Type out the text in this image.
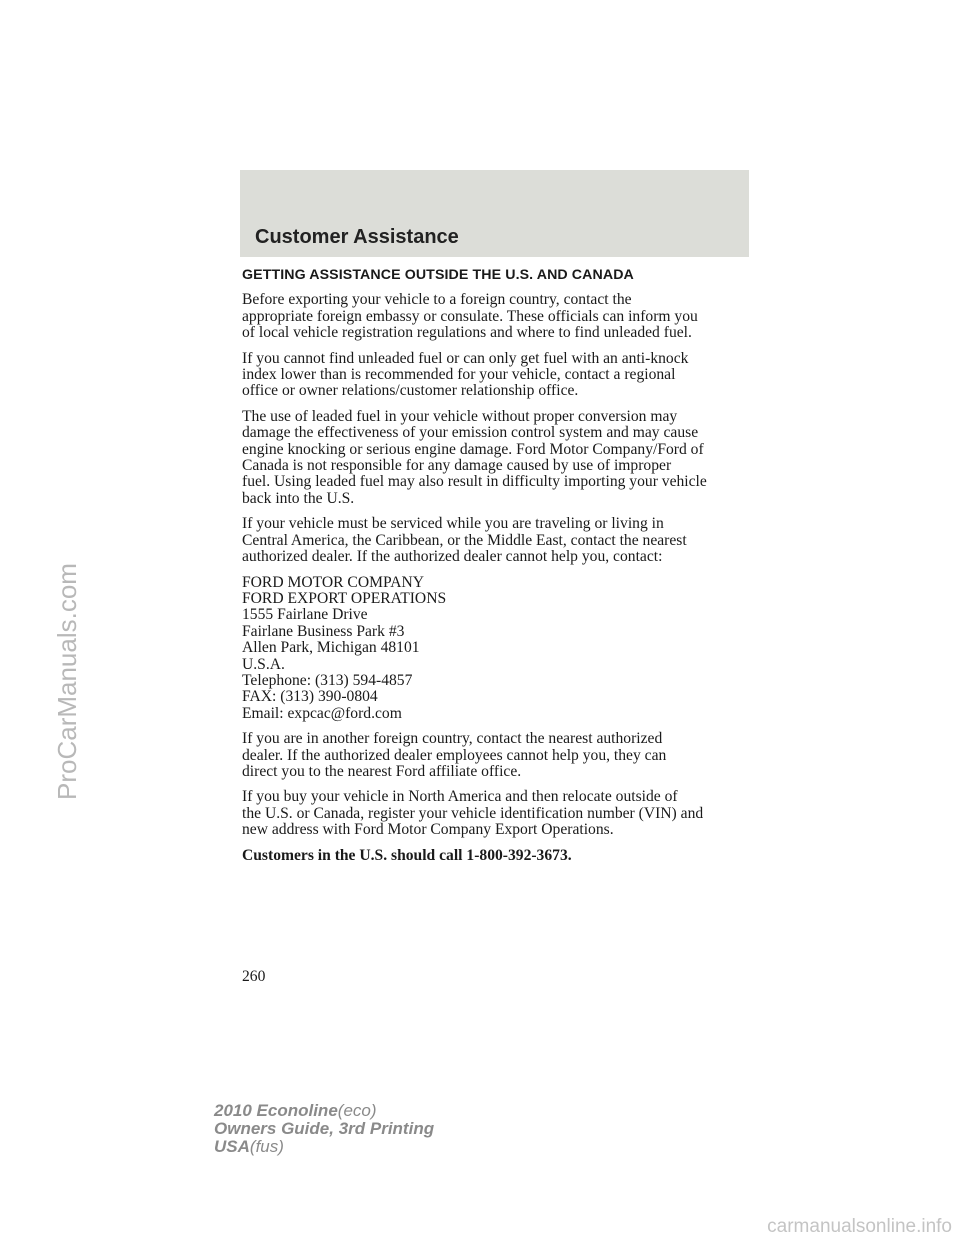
Customer Assistance
GETTING ASSISTANCE OUTSIDE THE U.S. AND CANADA
Before exporting your vehicle to a foreign country, contact the
appropriate foreign embassy or consulate. These officials can inform you
of local vehicle registration regulations and where to find unleaded fuel.
If you cannot find unleaded fuel or can only get fuel with an anti-knock
index lower than is recommended for your vehicle, contact a regional
office or owner relations/customer relationship office.
The use of leaded fuel in your vehicle without proper conversion may
damage the effectiveness of your emission control system and may cause
engine knocking or serious engine damage. Ford Motor Company/Ford of
Canada is not responsible for any damage caused by use of improper
fuel. Using leaded fuel may also result in difficulty importing your vehicle
back into the U.S.
If your vehicle must be serviced while you are traveling or living in
Central America, the Caribbean, or the Middle East, contact the nearest
authorized dealer. If the authorized dealer cannot help you, contact:
FORD MOTOR COMPANY
FORD EXPORT OPERATIONS
1555 Fairlane Drive
Fairlane Business Park #3
Allen Park, Michigan 48101
U.S.A.
Telephone: (313) 594-4857
FAX: (313) 390-0804
Email: expcac@ford.com
If you are in another foreign country, contact the nearest authorized
dealer. If the authorized dealer employees cannot help you, they can
direct you to the nearest Ford affiliate office.
If you buy your vehicle in North America and then relocate outside of
the U.S. or Canada, register your vehicle identification number (VIN) and
new address with Ford Motor Company Export Operations.
Customers in the U.S. should call 1-800-392-3673.
260
2010 Econoline(eco)
Owners Guide, 3rd Printing
USA(fus)
ProCarManuals.com
carmanualsonline.info
